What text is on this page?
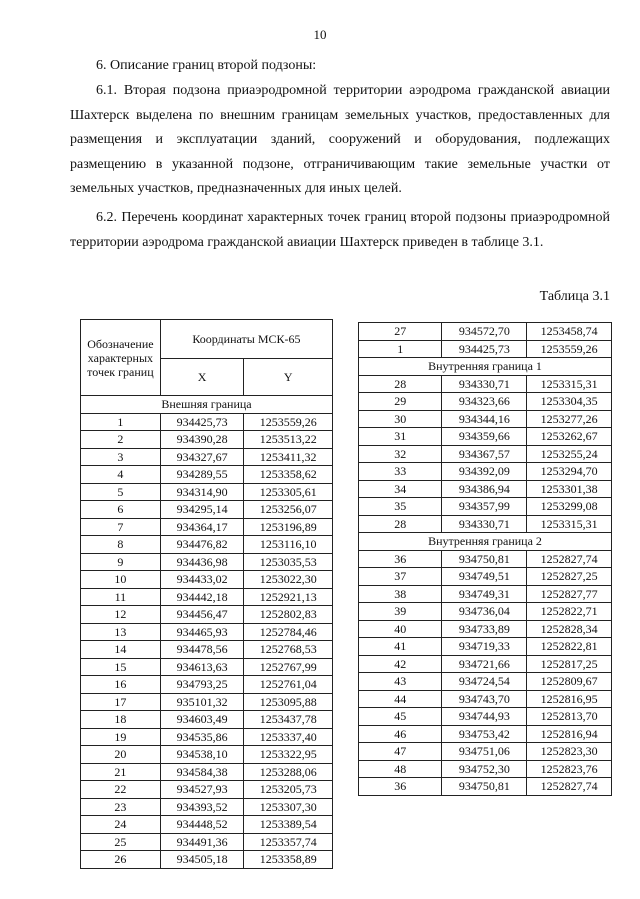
10
6. Описание границ второй подзоны:

6.1. Вторая подзона приаэродромной территории аэродрома гражданской авиации Шахтерск выделена по внешним границам земельных участков, предоставленных для размещения и эксплуатации зданий, сооружений и оборудования, подлежащих размещению в указанной подзоне, отграничивающим такие земельные участки от земельных участков, предназначенных для иных целей.

6.2. Перечень координат характерных точек границ второй подзоны приаэродромной территории аэродрома гражданской авиации Шахтерск приведен в таблице 3.1.

Таблица 3.1
Обозначение характерных точек границ	Координаты МСК-65	
	X	Y
Внешняя граница		
1	934425,73	1253559,26
2	934390,28	1253513,22
3	934327,67	1253411,32
4	934289,55	1253358,62
5	934314,90	1253305,61
6	934295,14	1253256,07
7	934364,17	1253196,89
8	934476,82	1253116,10
9	934436,98	1253035,53
10	934433,02	1253022,30
11	934442,18	1252921,13
12	934456,47	1252802,83
13	934465,93	1252784,46
14	934478,56	1252768,53
15	934613,63	1252767,99
16	934793,25	1252761,04
17	935101,32	1253095,88
18	934603,49	1253437,78
19	934535,86	1253337,40
20	934538,10	1253322,95
21	934584,38	1253288,06
22	934527,93	1253205,73
23	934393,52	1253307,30
24	934448,52	1253389,54
25	934491,36	1253357,74
26	934505,18	1253358,89
27	934572,70	1253458,74
1	934425,73	1253559,26
Внутренняя граница 1		
28	934330,71	1253315,31
29	934323,66	1253304,35
30	934344,16	1253277,26
31	934359,66	1253262,67
32	934367,57	1253255,24
33	934392,09	1253294,70
34	934386,94	1253301,38
35	934357,99	1253299,08
28	934330,71	1253315,31
Внутренняя граница 2		
36	934750,81	1252827,74
37	934749,51	1252827,25
38	934749,31	1252827,77
39	934736,04	1252822,71
40	934733,89	1252828,34
41	934719,33	1252822,81
42	934721,66	1252817,25
43	934724,54	1252809,67
44	934743,70	1252816,95
45	934744,93	1252813,70
46	934753,42	1252816,94
47	934751,06	1252823,30
48	934752,30	1252823,76
36	934750,81	1252827,74
